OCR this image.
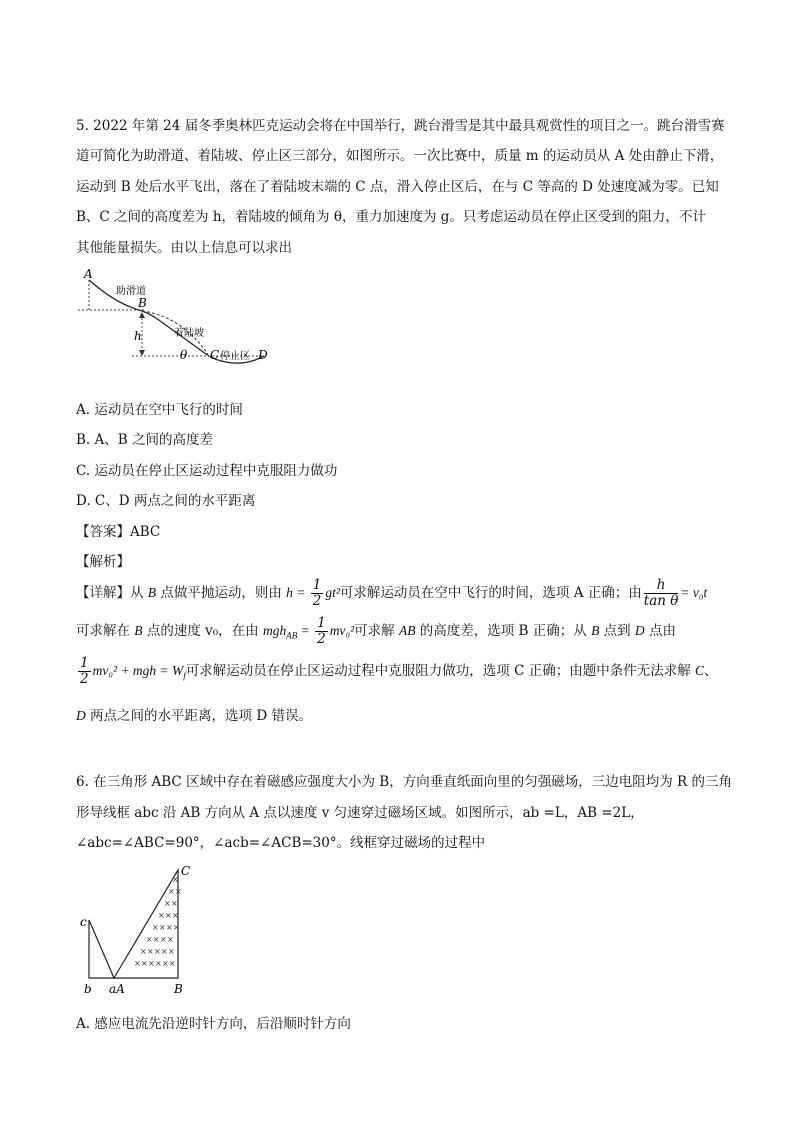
5. 2022 年第 24 届冬季奥林匹克运动会将在中国举行，跳台滑雪是其中最具观赏性的项目之一。跳台滑雪赛
道可简化为助滑道、着陆坡、停止区三部分，如图所示。一次比赛中，质量 m 的运动员从 A 处由静止下滑，
运动到 B 处后水平飞出，落在了着陆坡末端的 C 点，滑入停止区后，在与 C 等高的 D 处速度减为零。已知
B、C 之间的高度差为 h，着陆坡的倾角为 θ，重力加速度为 g。只考虑运动员在停止区受到的阻力，不计
其他能量损失。由以上信息可以求出
A
助滑道
B
着陆坡
h
θ C 停止区 D
A. 运动员在空中飞行的时间
B. A、B 之间的高度差
C. 运动员在停止区运动过程中克服阻力做功
D. C、D 两点之间的水平距离
【答案】ABC
【解析】
【详解】从 B 点做平抛运动，则由 $h = \frac{1}{2} gt^2$可求解运动员在空中飞行的时间，选项 A 正确；由 $\frac{h}{\text{tan θ}} = v_0t$
可求解在 B 点的速度 v₀，在由 $mgh_{AB} = \frac{1}{2} mv_0^2$可求解 AB 的高度差，选项 B 正确；从 B 点到 D 点由
$\frac{1}{2} mv_0^2$ + mgh = $W_f$可求解运动员在停止区运动过程中克服阻力做功，选项 C 正确；由题中条件无法求解 C、
D 两点之间的水平距离，选项 D 错误。
6. 在三角形 ABC 区域中存在着磁感应强度大小为 B，方向垂直纸面向里的匀强磁场，三边电阻均为 R 的三角
形导线框 abc 沿 AB 方向从 A 点以速度 v 匀速穿过磁场区域。如图所示，ab =L，AB =2L，
∠abc=∠ABC=90°，∠acb=∠ACB=30°。线框穿过磁场的过程中
×
× ×
× ×
× × ×
× × × ×
× × × ×
× × × × ×
× × × × × ×
c
C
b aA	B
A. 感应电流先沿逆时针方向，后沿顺时针方向
